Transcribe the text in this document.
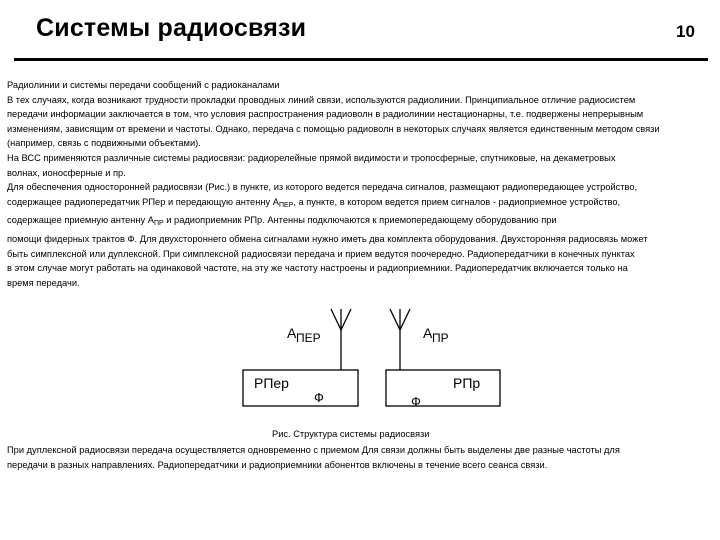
Системы радиосвязи	10
Радиолинии и системы передачи сообщений с радиоканалами
В тех случаях, когда возникают трудности прокладки проводных линий связи, используются радиолинии. Принципиальное отличие радиосистем
передачи информации заключается в том, что условия распространения радиоволн в радиолинии нестационарны, т.е. подвержены непрерывным
изменениям, зависящим от времени и частоты. Однако, передача с помощью радиоволн в некоторых случаях является единственным методом связи
(например, связь с подвижными объектами).
На ВСС применяются различные системы радиосвязи: радиорелейные прямой видимости и тропосферные, спутниковые, на декаметровых
волнах, ионосферные и пр.
Для обеспечения односторонней радиосвязи (Рис.) в пункте, из которого ведется передача сигналов, размещают радиопередающее устройство,
содержащее радиопередатчик РПер и передающую антенну $А_{ПЕР}$, а пункте, в котором ведется прием сигналов - радиоприемное устройство,
содержащее приемную антенну $А_{ПР}$ и радиоприемник РПр. Антенны подключаются к приемопередающему оборудованию при
помощи фидерных трактов Ф. Для двухстороннего обмена сигналами нужно иметь два комплекта оборудования. Двухсторонняя радиосвязь может
быть симплексной или дуплексной. При симплексной радиосвязи передача и прием ведутся поочередно. Радиопередатчики в конечных пунктах
в этом случае могут работать на одинаковой частоте, на эту же частоту настроены и радиоприемники. Радиопередатчик включается только на
время передачи.
А ПЕР	А ПР
РПер	РПр
Ф	Ф
Рис. Структура системы радиосвязи
При дуплексной радиосвязи передача осуществляется одновременно с приемом Для связи должны быть выделены две разные частоты для
передачи в разных направлениях. Радиопередатчики и радиоприемники абонентов включены в течение всего сеанса связи.
